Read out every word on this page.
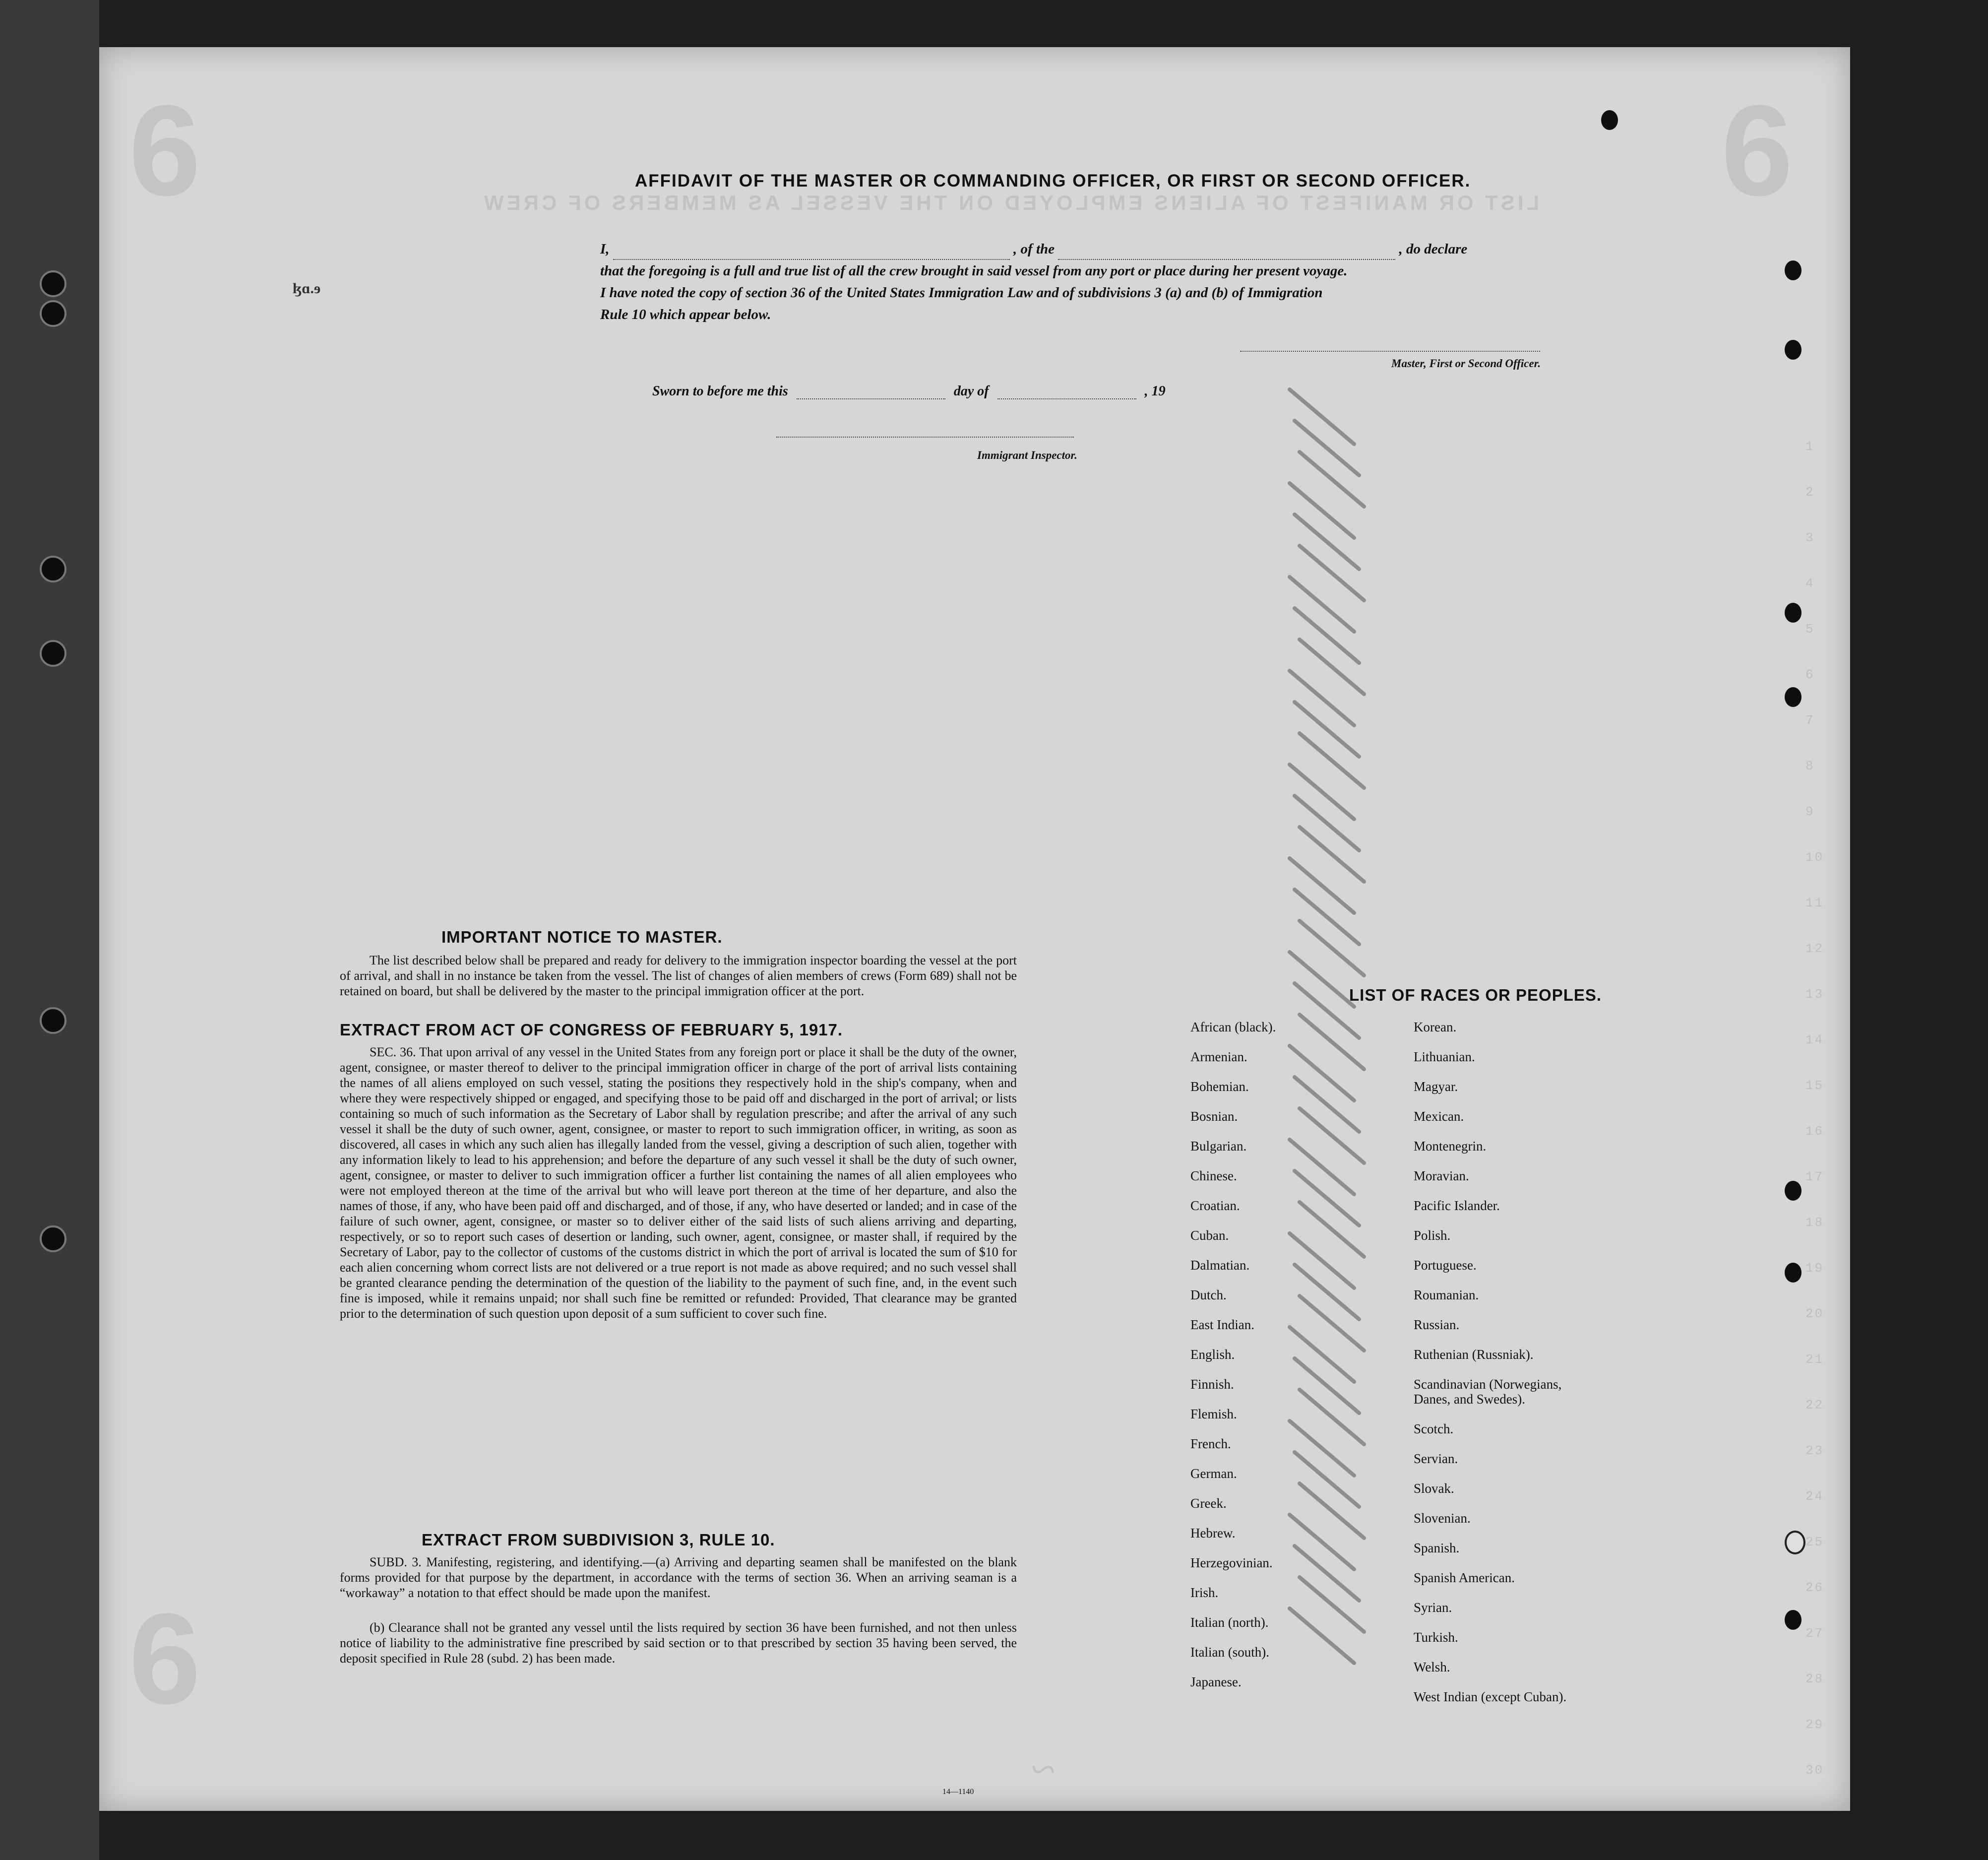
LIST OR MANIFEST OF ALIENS EMPLOYED ON THE VESSEL AS MEMBERS OF CREW
6	6
6
1
2
3
4
5
6
7
8
9
10
11
12
13
14
15
16
17
18
19
20
21
22
23
24
25
26
27
28
29
30
ɮɑ.ɘ
AFFIDAVIT OF THE MASTER OR COMMANDING OFFICER, OR FIRST OR SECOND OFFICER.
I,	, of the	, do declare
that the foregoing is a full and true list of all the crew brought in said vessel from any port or place during her present voyage.
I have noted the copy of section 36 of the United States Immigration Law and of subdivisions 3 (a) and (b) of Immigration
Rule 10 which appear below.
Master, First or Second Officer.
Sworn to before me this	day of	, 19
Immigrant Inspector.
IMPORTANT NOTICE TO MASTER.
The list described below shall be prepared and ready for delivery to the immigration inspector boarding the vessel at the port of arrival, and shall in no instance be taken from the vessel. The list of changes of alien members of crews (Form 689) shall not be retained on board, but shall be delivered by the master to the principal immigration officer at the port.
EXTRACT FROM ACT OF CONGRESS OF FEBRUARY 5, 1917.
SEC. 36. That upon arrival of any vessel in the United States from any foreign port or place it shall be the duty of the owner, agent, consignee, or master thereof to deliver to the principal immigration officer in charge of the port of arrival lists containing the names of all aliens employed on such vessel, stating the positions they respectively hold in the ship's company, when and where they were respectively shipped or engaged, and specifying those to be paid off and discharged in the port of arrival; or lists containing so much of such information as the Secretary of Labor shall by regulation prescribe; and after the arrival of any such vessel it shall be the duty of such owner, agent, consignee, or master to report to such immigration officer, in writing, as soon as discovered, all cases in which any such alien has illegally landed from the vessel, giving a description of such alien, together with any information likely to lead to his apprehension; and before the departure of any such vessel it shall be the duty of such owner, agent, consignee, or master to deliver to such immigration officer a further list containing the names of all alien employees who were not employed thereon at the time of the arrival but who will leave port thereon at the time of her departure, and also the names of those, if any, who have been paid off and discharged, and of those, if any, who have deserted or landed; and in case of the failure of such owner, agent, consignee, or master so to deliver either of the said lists of such aliens arriving and departing, respectively, or so to report such cases of desertion or landing, such owner, agent, consignee, or master shall, if required by the Secretary of Labor, pay to the collector of customs of the customs district in which the port of arrival is located the sum of $10 for each alien concerning whom correct lists are not delivered or a true report is not made as above required; and no such vessel shall be granted clearance pending the determination of the question of the liability to the payment of such fine, and, in the event such fine is imposed, while it remains unpaid; nor shall such fine be remitted or refunded: Provided, That clearance may be granted prior to the determination of such question upon deposit of a sum sufficient to cover such fine.
EXTRACT FROM SUBDIVISION 3, RULE 10.
SUBD. 3. Manifesting, registering, and identifying.—(a) Arriving and departing seamen shall be manifested on the blank forms provided for that purpose by the department, in accordance with the terms of section 36. When an arriving seaman is a “workaway” a notation to that effect should be made upon the manifest.
(b) Clearance shall not be granted any vessel until the lists required by section 36 have been furnished, and not then unless notice of liability to the administrative fine prescribed by said section or to that prescribed by section 35 having been served, the deposit specified in Rule 28 (subd. 2) has been made.
14—1140 ~
LIST OF RACES OR PEOPLES.
African (black).
Armenian.
Bohemian.
Bosnian.
Bulgarian.
Chinese.
Croatian.
Cuban.
Dalmatian.
Dutch.
East Indian.
English.
Finnish.
Flemish.
French.
German.
Greek.
Hebrew.
Herzegovinian.
Irish.
Italian (north).
Italian (south).
Japanese.
Korean.
Lithuanian.
Magyar.
Mexican.
Montenegrin.
Moravian.
Pacific Islander.
Polish.
Portuguese.
Roumanian.
Russian.
Ruthenian (Russniak).
Scandinavian (Norwegians,
Danes, and Swedes).
Scotch.
Servian.
Slovak.
Slovenian.
Spanish.
Spanish American.
Syrian.
Turkish.
Welsh.
West Indian (except Cuban).
